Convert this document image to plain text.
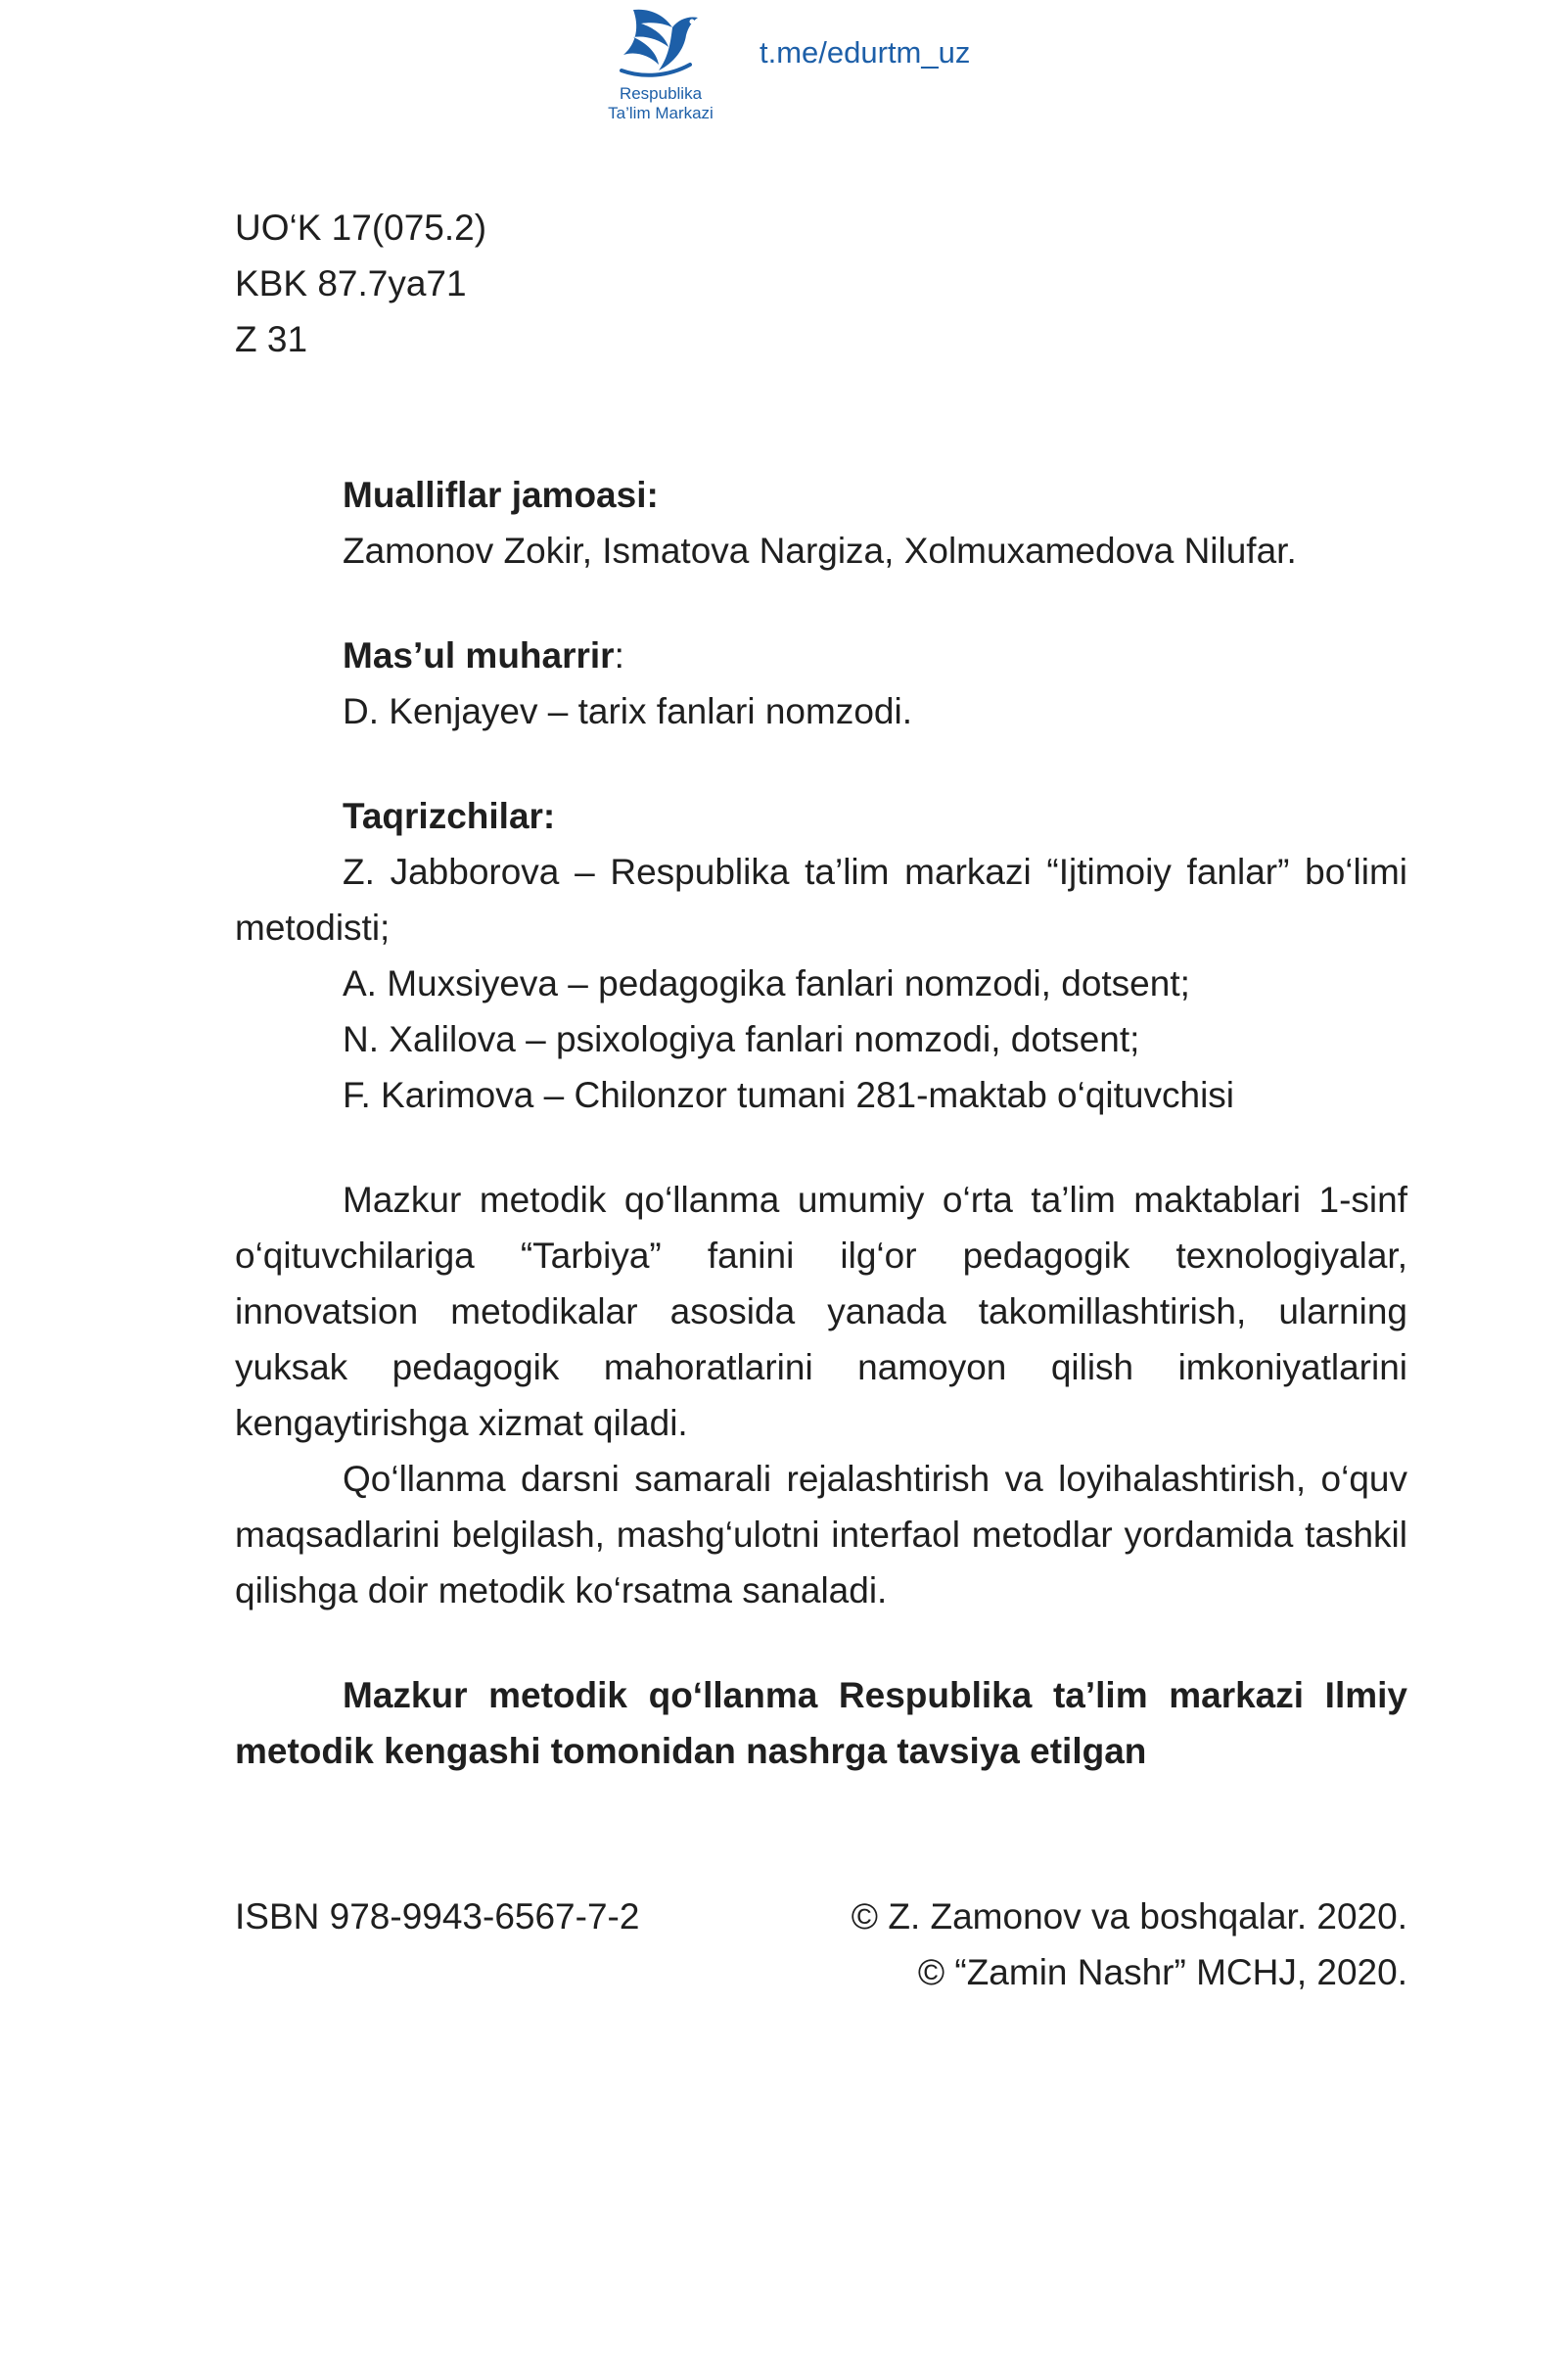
Respublika
Ta’lim Markazi
t.me/edurtm_uz

UO‘K 17(075.2)

KBK 87.7ya71

Z 31

Mualliflar jamoasi:

Zamonov Zokir, Ismatova Nargiza, Xolmuxamedova Nilufar.

Mas’ul muharrir:

D. Kenjayev – tarix fanlari nomzodi.

Taqrizchilar:

Z. Jabborova – Respublika ta’lim markazi “Ijtimoiy fanlar” bo‘limi metodisti;

A. Muxsiyeva – pedagogika fanlari nomzodi, dotsent;

N. Xalilova – psixologiya fanlari nomzodi, dotsent;

F. Karimova – Chilonzor tumani 281-maktab o‘qituvchisi

Mazkur metodik qo‘llanma umumiy o‘rta ta’lim maktablari 1-sinf o‘qituvchilariga “Tarbiya” fanini ilg‘or pedagogik texnologiyalar, innovatsion metodikalar asosida yanada takomillashtirish, ularning yuksak pedagogik mahoratlarini namoyon qilish imkoniyatlarini kengaytirishga xizmat qiladi.

Qo‘llanma darsni samarali rejalashtirish va loyihalashtirish, o‘quv maqsadlarini belgilash, mashg‘ulotni interfaol metodlar yordamida tashkil qilishga doir metodik ko‘rsatma sanaladi.

Mazkur metodik qo‘llanma Respublika ta’lim markazi Ilmiy metodik kengashi tomonidan nashrga tavsiya etilgan

ISBN 978-9943-6567-7-2	© Z. Zamonov va boshqalar. 2020.

© “Zamin Nashr” MCHJ, 2020.
